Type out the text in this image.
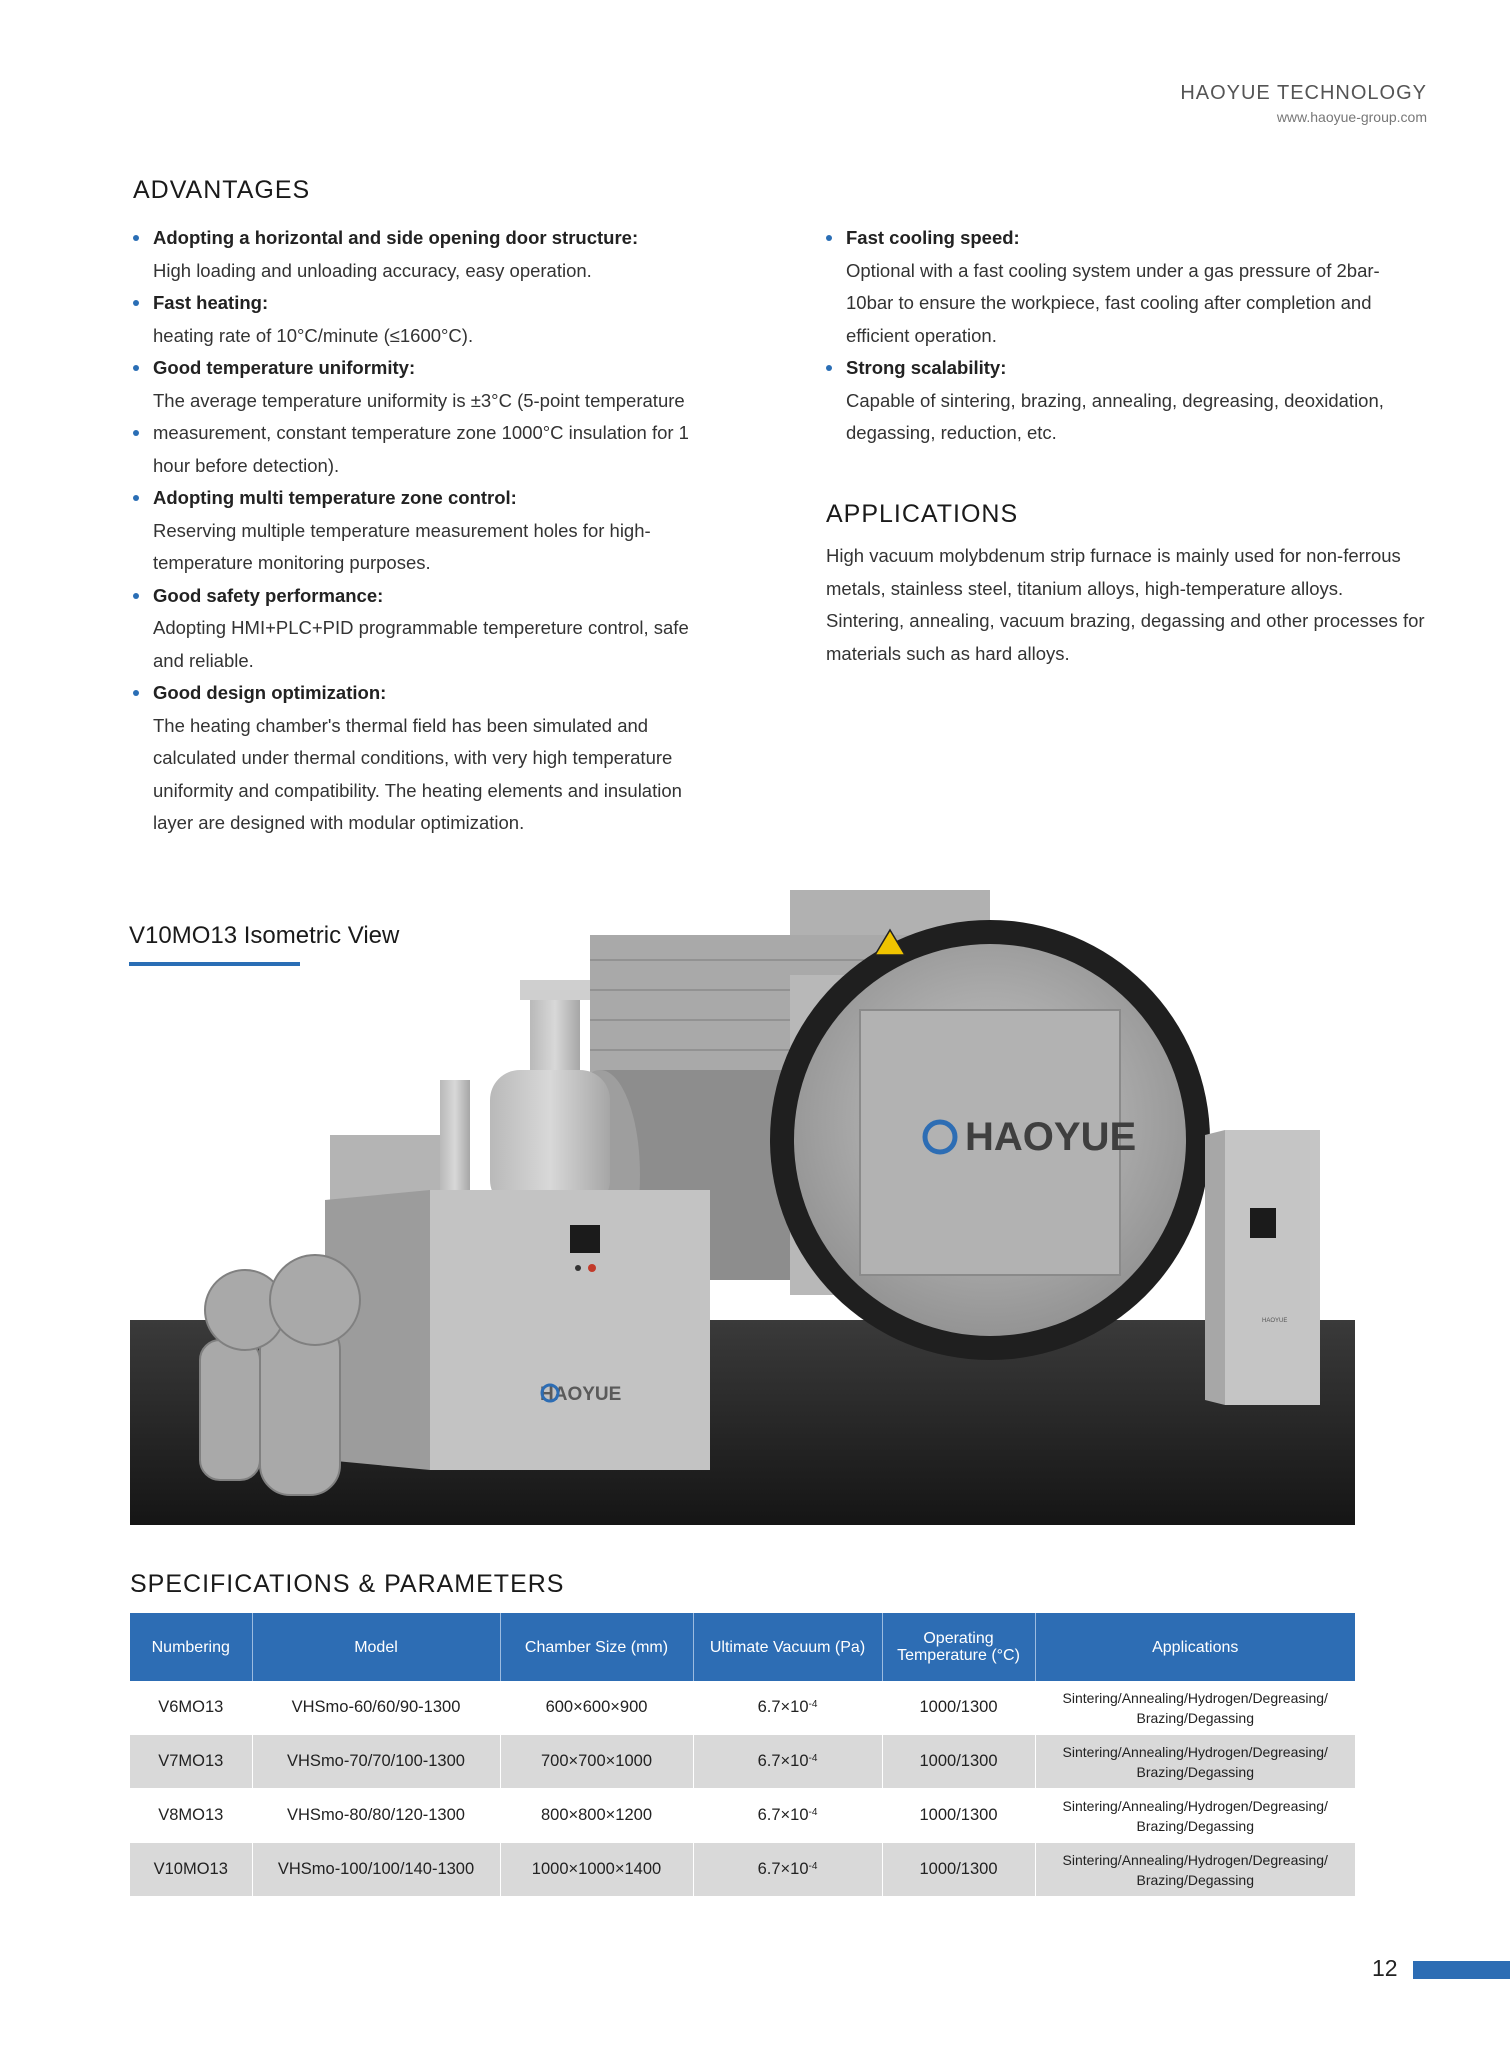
HAOYUE TECHNOLOGY
www.haoyue-group.com
ADVANTAGES
Adopting a horizontal and side opening door structure:
High loading and unloading accuracy, easy operation.
Fast heating:
heating rate of 10°C/minute (≤1600°C).
Good temperature uniformity:
The average temperature uniformity is ±3°C (5-point temperature
measurement, constant temperature zone 1000°C insulation for 1 hour before detection).
Adopting multi temperature zone control:
Reserving multiple temperature measurement holes for high-temperature monitoring purposes.
Good safety performance:
Adopting HMI+PLC+PID programmable tempereture control, safe and reliable.
Good design optimization:
The heating chamber's thermal field has been simulated and calculated under thermal conditions, with very high temperature uniformity and compatibility. The heating elements and insulation layer are designed with modular optimization.
Fast cooling speed:
Optional with a fast cooling system under a gas pressure of 2bar-10bar to ensure the workpiece, fast cooling after completion and efficient operation.
Strong scalability:
Capable of sintering, brazing, annealing, degreasing, deoxidation, degassing, reduction, etc.
APPLICATIONS

High vacuum molybdenum strip furnace is mainly used for non-ferrous metals, stainless steel, titanium alloys, high-temperature alloys. Sintering, annealing, vacuum brazing, degassing and other processes for materials such as hard alloys.

HAOYUE
HAOYUE
HAOYUE
V10MO13 Isometric View
SPECIFICATIONS & PARAMETERS
Numbering	Model	Chamber Size (mm)	Ultimate Vacuum (Pa)	Operating Temperature (°C)	Applications
V6MO13	VHSmo-60/60/90-1300	600×600×900	$6.7\times 10^{-4}$	1000/1300	Sintering/Annealing/Hydrogen/Degreasing/ Brazing/Degassing
V7MO13	VHSmo-70/70/100-1300	700×700×1000	$6.7\times 10^{-4}$	1000/1300	Sintering/Annealing/Hydrogen/Degreasing/ Brazing/Degassing
V8MO13	VHSmo-80/80/120-1300	800×800×1200	$6.7\times 10^{-4}$	1000/1300	Sintering/Annealing/Hydrogen/Degreasing/ Brazing/Degassing
V10MO13	VHSmo-100/100/140-1300	1000×1000×1400	$6.7\times 10^{-4}$	1000/1300	Sintering/Annealing/Hydrogen/Degreasing/ Brazing/Degassing
12
